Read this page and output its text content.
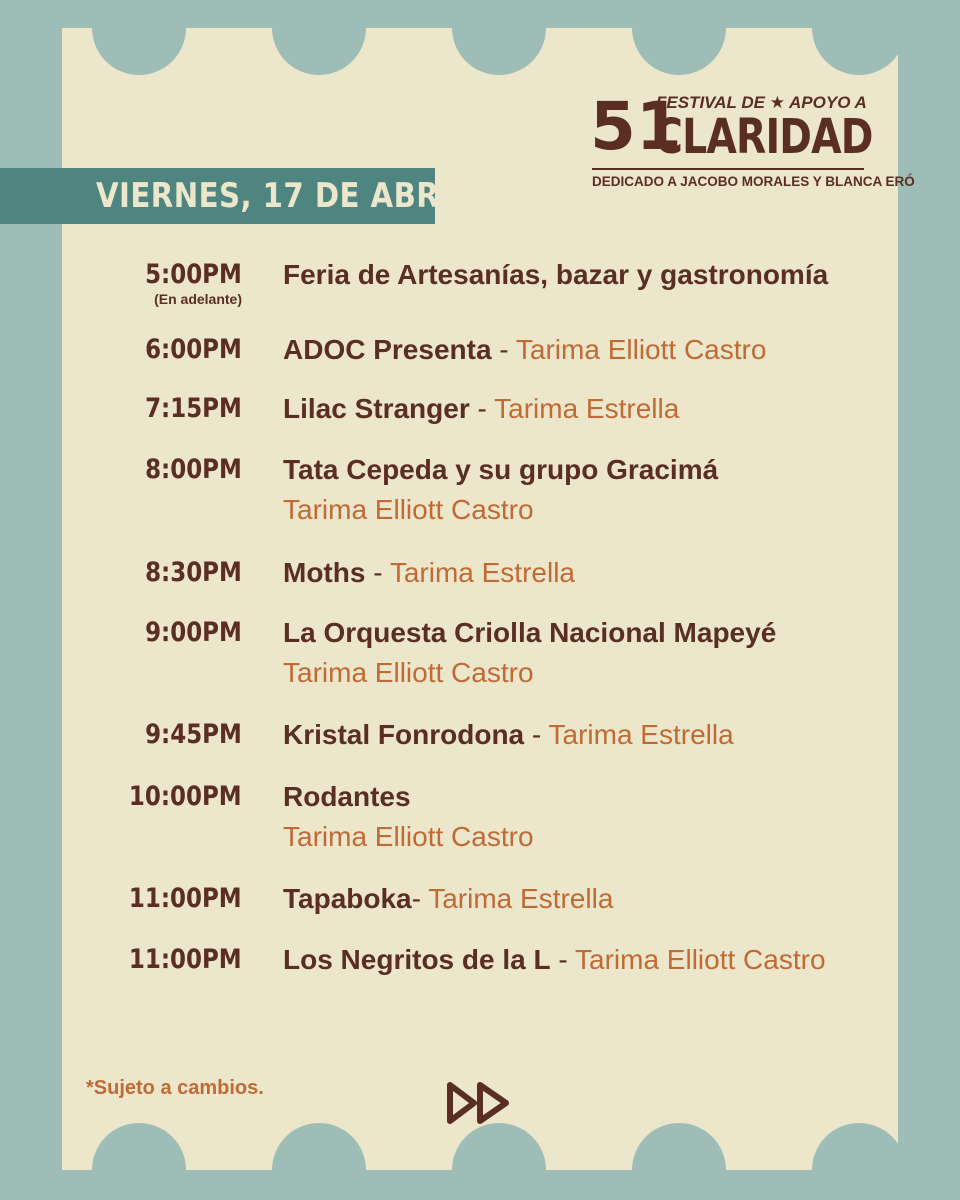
VIERNES, 17 DE ABRIL
51
FESTIVAL DE ★ APOYO A
CLARIDAD
DEDICADO A JACOBO MORALES Y BLANCA ERÓ
5:00PM
(En adelante)
Feria de Artesanías, bazar y gastronomía
6:00PM ADOC Presenta - Tarima Elliott Castro
7:15PM Lilac Stranger - Tarima Estrella
8:00PM Tata Cepeda y su grupo Gracimá
Tarima Elliott Castro
8:30PM Moths - Tarima Estrella
9:00PM La Orquesta Criolla Nacional Mapeyé
Tarima Elliott Castro
9:45PM Kristal Fonrodona - Tarima Estrella
10:00PM Rodantes
Tarima Elliott Castro
11:00PM Tapaboka- Tarima Estrella
11:00PM Los Negritos de la L - Tarima Elliott Castro
*Sujeto a cambios.
